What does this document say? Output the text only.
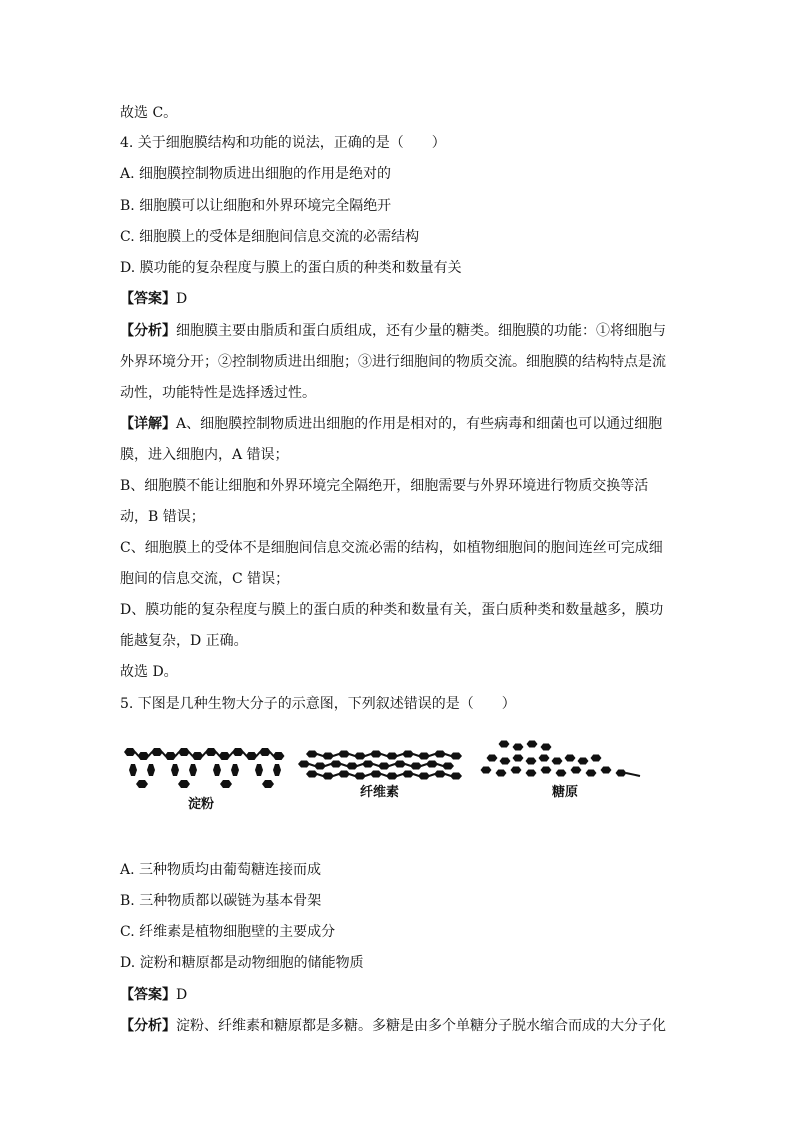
故选 C。
4. 关于细胞膜结构和功能的说法，正确的是（　　）
A. 细胞膜控制物质进出细胞的作用是绝对的
B. 细胞膜可以让细胞和外界环境完全隔绝开
C. 细胞膜上的受体是细胞间信息交流的必需结构
D. 膜功能的复杂程度与膜上的蛋白质的种类和数量有关
【答案】D
【分析】细胞膜主要由脂质和蛋白质组成，还有少量的糖类。细胞膜的功能：①将细胞与
外界环境分开；②控制物质进出细胞；③进行细胞间的物质交流。细胞膜的结构特点是流
动性，功能特性是选择透过性。
【详解】A、细胞膜控制物质进出细胞的作用是相对的，有些病毒和细菌也可以通过细胞
膜，进入细胞内，A 错误；
B、细胞膜不能让细胞和外界环境完全隔绝开，细胞需要与外界环境进行物质交换等活
动，B 错误；
C、细胞膜上的受体不是细胞间信息交流必需的结构，如植物细胞间的胞间连丝可完成细
胞间的信息交流，C 错误；
D、膜功能的复杂程度与膜上的蛋白质的种类和数量有关，蛋白质种类和数量越多，膜功
能越复杂，D 正确。
故选 D。
5. 下图是几种生物大分子的示意图，下列叙述错误的是（　　）
淀粉
纤维素	糖原
A. 三种物质均由葡萄糖连接而成
B. 三种物质都以碳链为基本骨架
C. 纤维素是植物细胞壁的主要成分
D. 淀粉和糖原都是动物细胞的储能物质
【答案】D
【分析】淀粉、纤维素和糖原都是多糖。多糖是由多个单糖分子脱水缩合而成的大分子化
